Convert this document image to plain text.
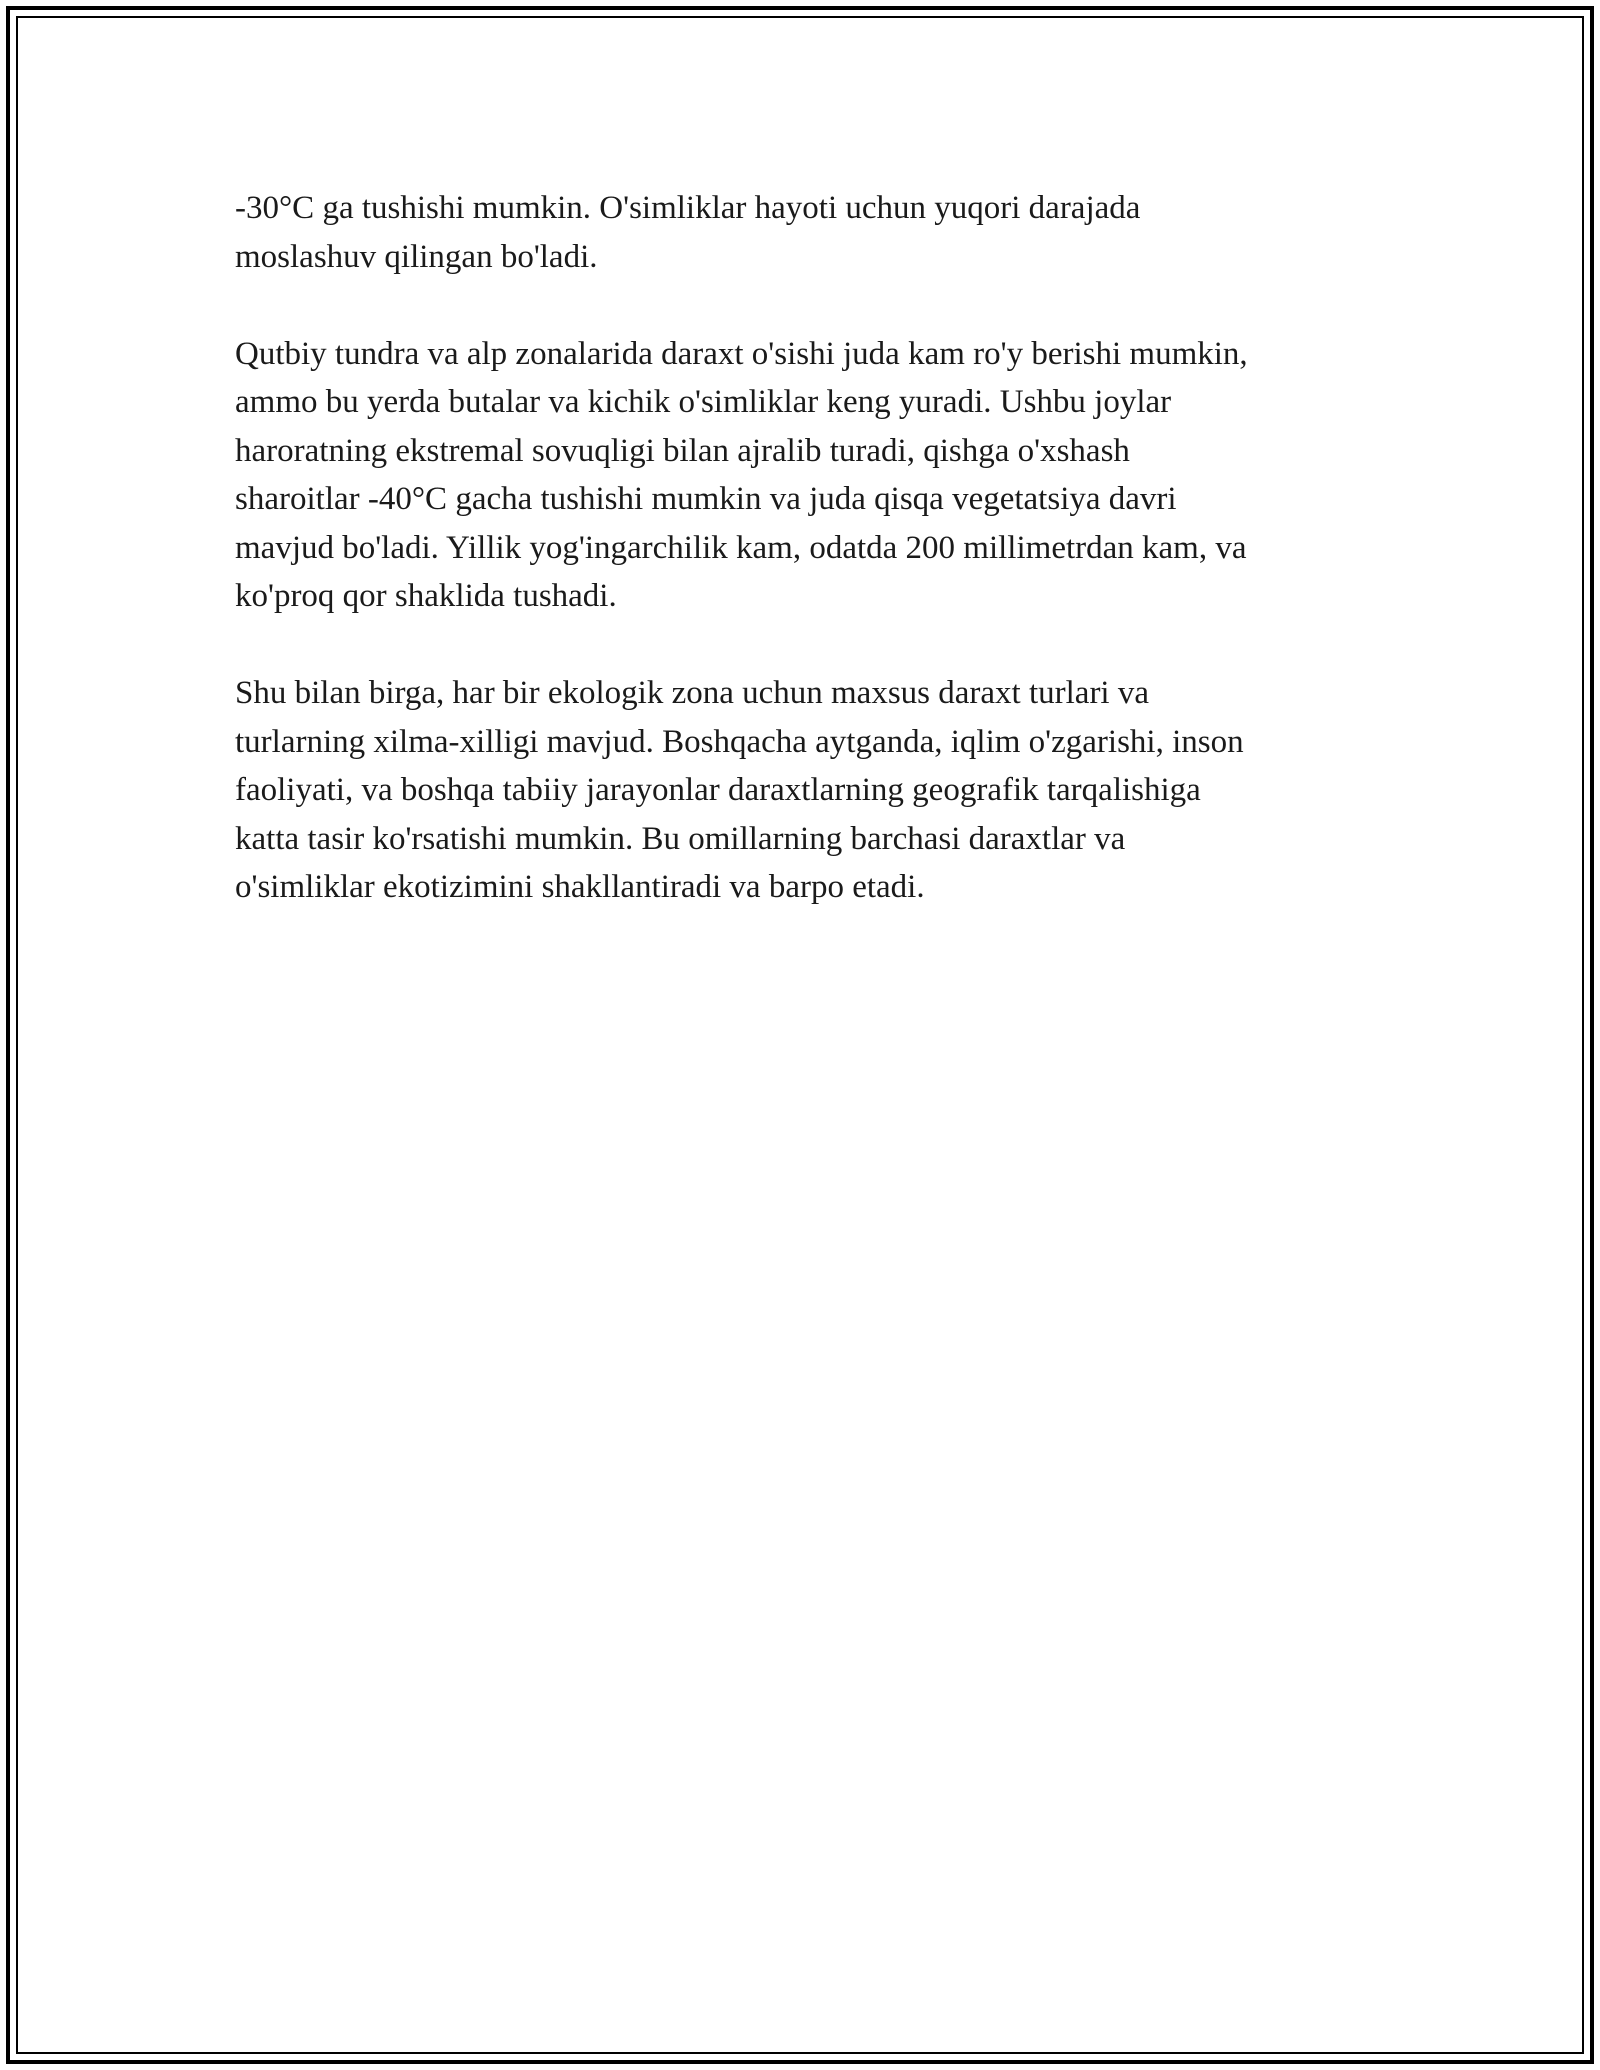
-30°C ga tushishi mumkin. O'simliklar hayoti uchun yuqori darajada
moslashuv qilingan bo'ladi.

Qutbiy tundra va alp zonalarida daraxt o'sishi juda kam ro'y berishi mumkin,
ammo bu yerda butalar va kichik o'simliklar keng yuradi. Ushbu joylar
haroratning ekstremal sovuqligi bilan ajralib turadi, qishga o'xshash
sharoitlar -40°C gacha tushishi mumkin va juda qisqa vegetatsiya davri
mavjud bo'ladi. Yillik yog'ingarchilik kam, odatda 200 millimetrdan kam, va
ko'proq qor shaklida tushadi.

Shu bilan birga, har bir ekologik zona uchun maxsus daraxt turlari va
turlarning xilma-xilligi mavjud. Boshqacha aytganda, iqlim o'zgarishi, inson
faoliyati, va boshqa tabiiy jarayonlar daraxtlarning geografik tarqalishiga
katta tasir ko'rsatishi mumkin. Bu omillarning barchasi daraxtlar va
o'simliklar ekotizimini shakllantiradi va barpo etadi.
